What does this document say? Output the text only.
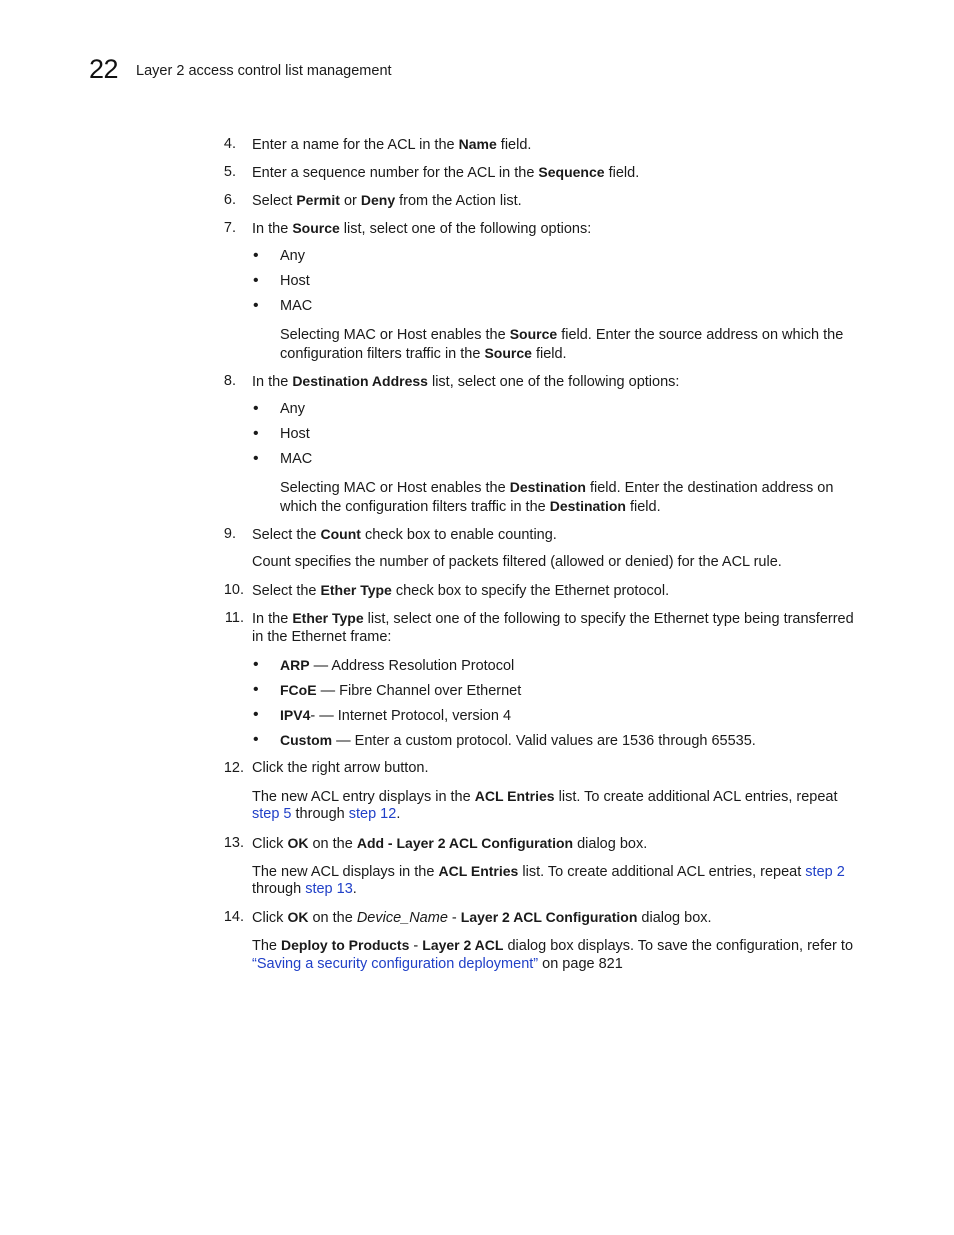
22 Layer 2 access control list management
4. Enter a name for the ACL in the Name field.
5. Enter a sequence number for the ACL in the Sequence field.
6. Select Permit or Deny from the Action list.
7. In the Source list, select one of the following options:
• Any
• Host
• MAC
Selecting MAC or Host enables the Source field. Enter the source address on which the
configuration filters traffic in the Source field.
8. In the Destination Address list, select one of the following options:
• Any
• Host
• MAC
Selecting MAC or Host enables the Destination field. Enter the destination address on
which the configuration filters traffic in the Destination field.
9. Select the Count check box to enable counting.
Count specifies the number of packets filtered (allowed or denied) for the ACL rule.
10. Select the Ether Type check box to specify the Ethernet protocol.
11. In the Ether Type list, select one of the following to specify the Ethernet type being transferred
in the Ethernet frame:
• ARP — Address Resolution Protocol
• FCoE — Fibre Channel over Ethernet
• IPV4- — Internet Protocol, version 4
• Custom — Enter a custom protocol. Valid values are 1536 through 65535.
12. Click the right arrow button.
The new ACL entry displays in the ACL Entries list. To create additional ACL entries, repeat
step 5 through step 12.
13. Click OK on the Add - Layer 2 ACL Configuration dialog box.
The new ACL displays in the ACL Entries list. To create additional ACL entries, repeat step 2
through step 13.
14. Click OK on the Device_Name - Layer 2 ACL Configuration dialog box.
The Deploy to Products - Layer 2 ACL dialog box displays. To save the configuration, refer to
“Saving a security configuration deployment” on page 821
